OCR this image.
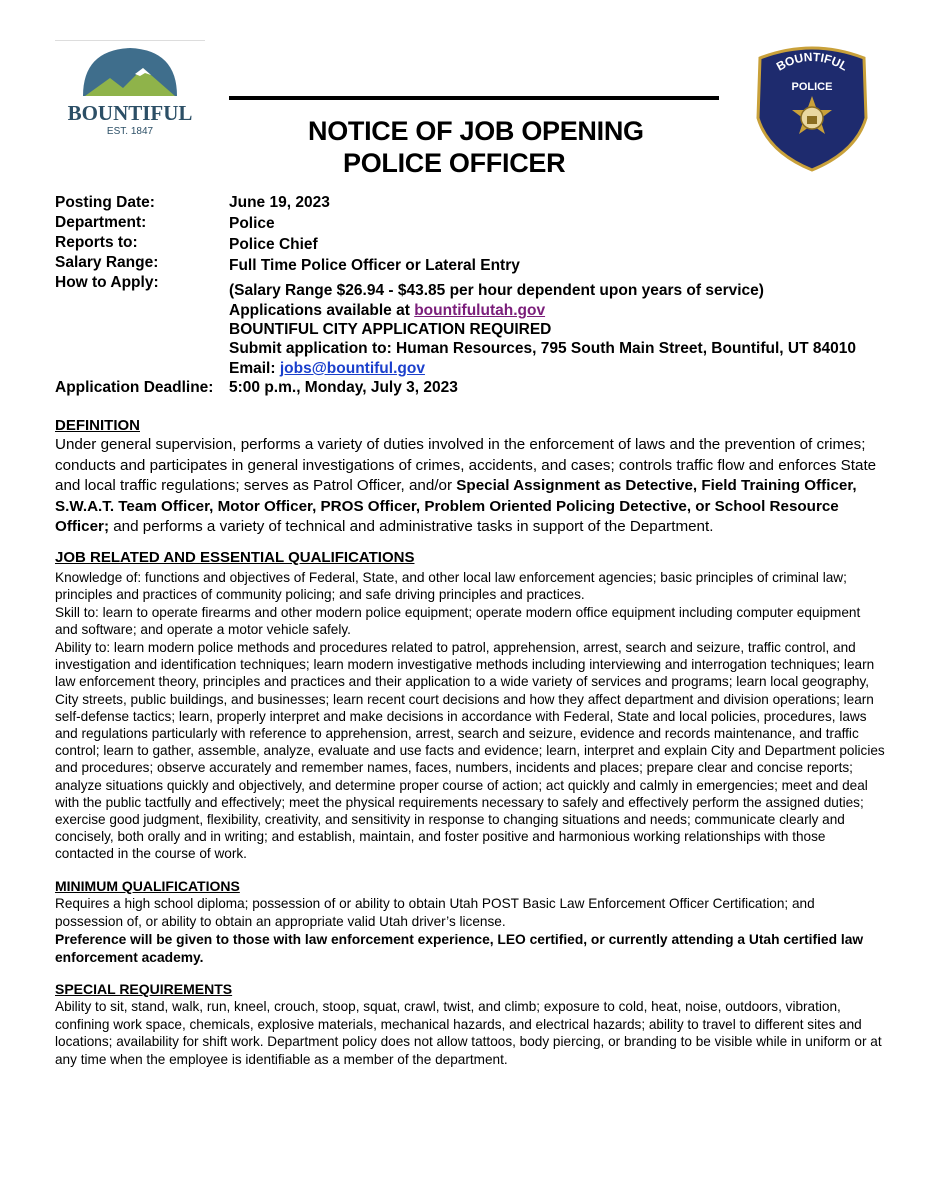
BOUNTIFUL
EST. 1847
BOUNTIFUL
POLICE
NOTICE OF JOB OPENING
POLICE OFFICER
Posting Date:	June 19, 2023
Department:	Police
Reports to:	Police Chief
Salary Range:	Full Time Police Officer or Lateral Entry
How to Apply:	(Salary Range $26.94 - $43.85 per hour dependent upon years of service)
Applications available at bountifulutah.gov
BOUNTIFUL CITY APPLICATION REQUIRED
Submit application to: Human Resources, 795 South Main Street, Bountiful, UT 84010
Email: jobs@bountiful.gov
Application Deadline: 5:00 p.m., Monday, July 3, 2023
DEFINITION

Under general supervision, performs a variety of duties involved in the enforcement of laws and the prevention of crimes; conducts and participates in general investigations of crimes, accidents, and cases; controls traffic flow and enforces State and local traffic regulations; serves as Patrol Officer, and/or Special Assignment as Detective, Field Training Officer, S.W.A.T. Team Officer, Motor Officer, PROS Officer, Problem Oriented Policing Detective, or School Resource Officer; and performs a variety of technical and administrative tasks in support of the Department.

JOB RELATED AND ESSENTIAL QUALIFICATIONS

Knowledge of: functions and objectives of Federal, State, and other local law enforcement agencies; basic principles of criminal law; principles and practices of community policing; and safe driving principles and practices.

Skill to: learn to operate firearms and other modern police equipment; operate modern office equipment including computer equipment and software; and operate a motor vehicle safely.

Ability to: learn modern police methods and procedures related to patrol, apprehension, arrest, search and seizure, traffic control, and investigation and identification techniques; learn modern investigative methods including interviewing and interrogation techniques; learn law enforcement theory, principles and practices and their application to a wide variety of services and programs; learn local geography, City streets, public buildings, and businesses; learn recent court decisions and how they affect department and division operations; learn self-defense tactics; learn, properly interpret and make decisions in accordance with Federal, State and local policies, procedures, laws and regulations particularly with reference to apprehension, arrest, search and seizure, evidence and records maintenance, and traffic control; learn to gather, assemble, analyze, evaluate and use facts and evidence; learn, interpret and explain City and Department policies and procedures; observe accurately and remember names, faces, numbers, incidents and places; prepare clear and concise reports; analyze situations quickly and objectively, and determine proper course of action; act quickly and calmly in emergencies; meet and deal with the public tactfully and effectively; meet the physical requirements necessary to safely and effectively perform the assigned duties; exercise good judgment, flexibility, creativity, and sensitivity in response to changing situations and needs; communicate clearly and concisely, both orally and in writing; and establish, maintain, and foster positive and harmonious working relationships with those contacted in the course of work.

MINIMUM QUALIFICATIONS

Requires a high school diploma; possession of or ability to obtain Utah POST Basic Law Enforcement Officer Certification; and possession of, or ability to obtain an appropriate valid Utah driver’s license.

Preference will be given to those with law enforcement experience, LEO certified, or currently attending a Utah certified law enforcement academy.

SPECIAL REQUIREMENTS

Ability to sit, stand, walk, run, kneel, crouch, stoop, squat, crawl, twist, and climb; exposure to cold, heat, noise, outdoors, vibration, confining work space, chemicals, explosive materials, mechanical hazards, and electrical hazards; ability to travel to different sites and locations; availability for shift work. Department policy does not allow tattoos, body piercing, or branding to be visible while in uniform or at any time when the employee is identifiable as a member of the department.
